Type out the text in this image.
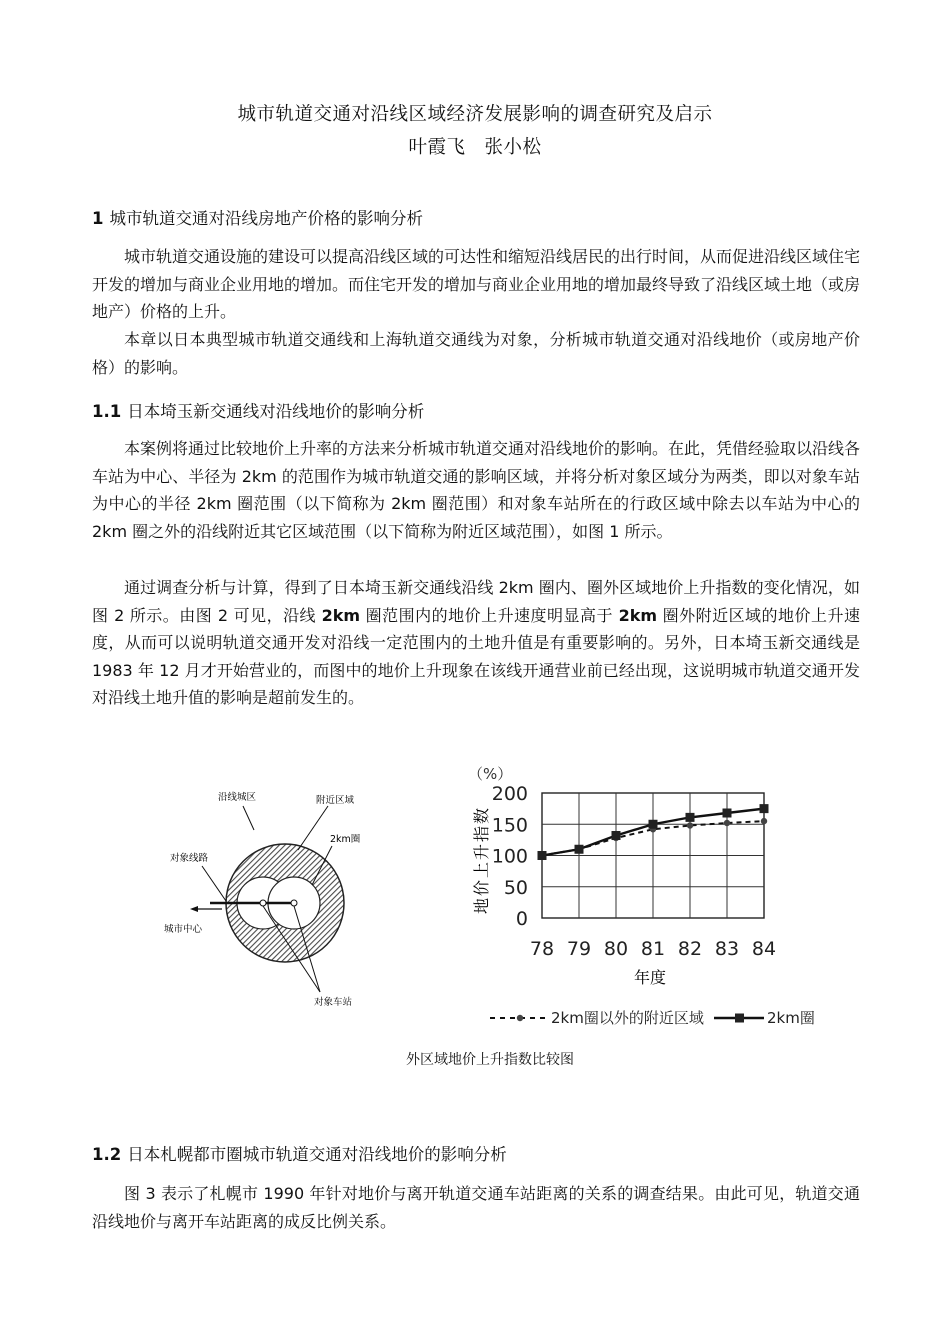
城市轨道交通对沿线区域经济发展影响的调查研究及启示
叶霞飞　张小松
1 城市轨道交通对沿线房地产价格的影响分析

城市轨道交通设施的建设可以提高沿线区域的可达性和缩短沿线居民的出行时间，从而促进沿线区域住宅开发的增加与商业企业用地的增加。而住宅开发的增加与商业企业用地的增加最终导致了沿线区域土地（或房地产）价格的上升。

本章以日本典型城市轨道交通线和上海轨道交通线为对象，分析城市轨道交通对沿线地价（或房地产价格）的影响。

1.1 日本埼玉新交通线对沿线地价的影响分析

本案例将通过比较地价上升率的方法来分析城市轨道交通对沿线地价的影响。在此，凭借经验取以沿线各车站为中心、半径为 2km 的范围作为城市轨道交通的影响区域，并将分析对象区域分为两类，即以对象车站为中心的半径 2km 圈范围（以下简称为 2km 圈范围）和对象车站所在的行政区域中除去以车站为中心的 2km 圈之外的沿线附近其它区域范围（以下简称为附近区域范围），如图 1 所示。

通过调查分析与计算，得到了日本埼玉新交通线沿线 2km 圈内、圈外区域地价上升指数的变化情况，如图 2 所示。由图 2 可见，沿线 2km 圈范围内的地价上升速度明显高于 2km 圈外附近区域的地价上升速度，从而可以说明轨道交通开发对沿线一定范围内的土地升值是有重要影响的。另外，日本埼玉新交通线是 1983 年 12 月才开始营业的，而图中的地价上升现象在该线开通营业前已经出现，这说明城市轨道交通开发对沿线土地升值的影响是超前发生的。

沿线城区	附近区域
2km圈
对象线路
城市中心
对象车站
（%）
地价上升指数
年度
0
50
100
150
200
78 79 80 81 82 83 84
2km圈以外的附近区域	2km圈
外区域地价上升指数比较图
1.2 日本札幌都市圈城市轨道交通对沿线地价的影响分析

图 3 表示了札幌市 1990 年针对地价与离开轨道交通车站距离的关系的调查结果。由此可见，轨道交通沿线地价与离开车站距离的成反比例关系。
